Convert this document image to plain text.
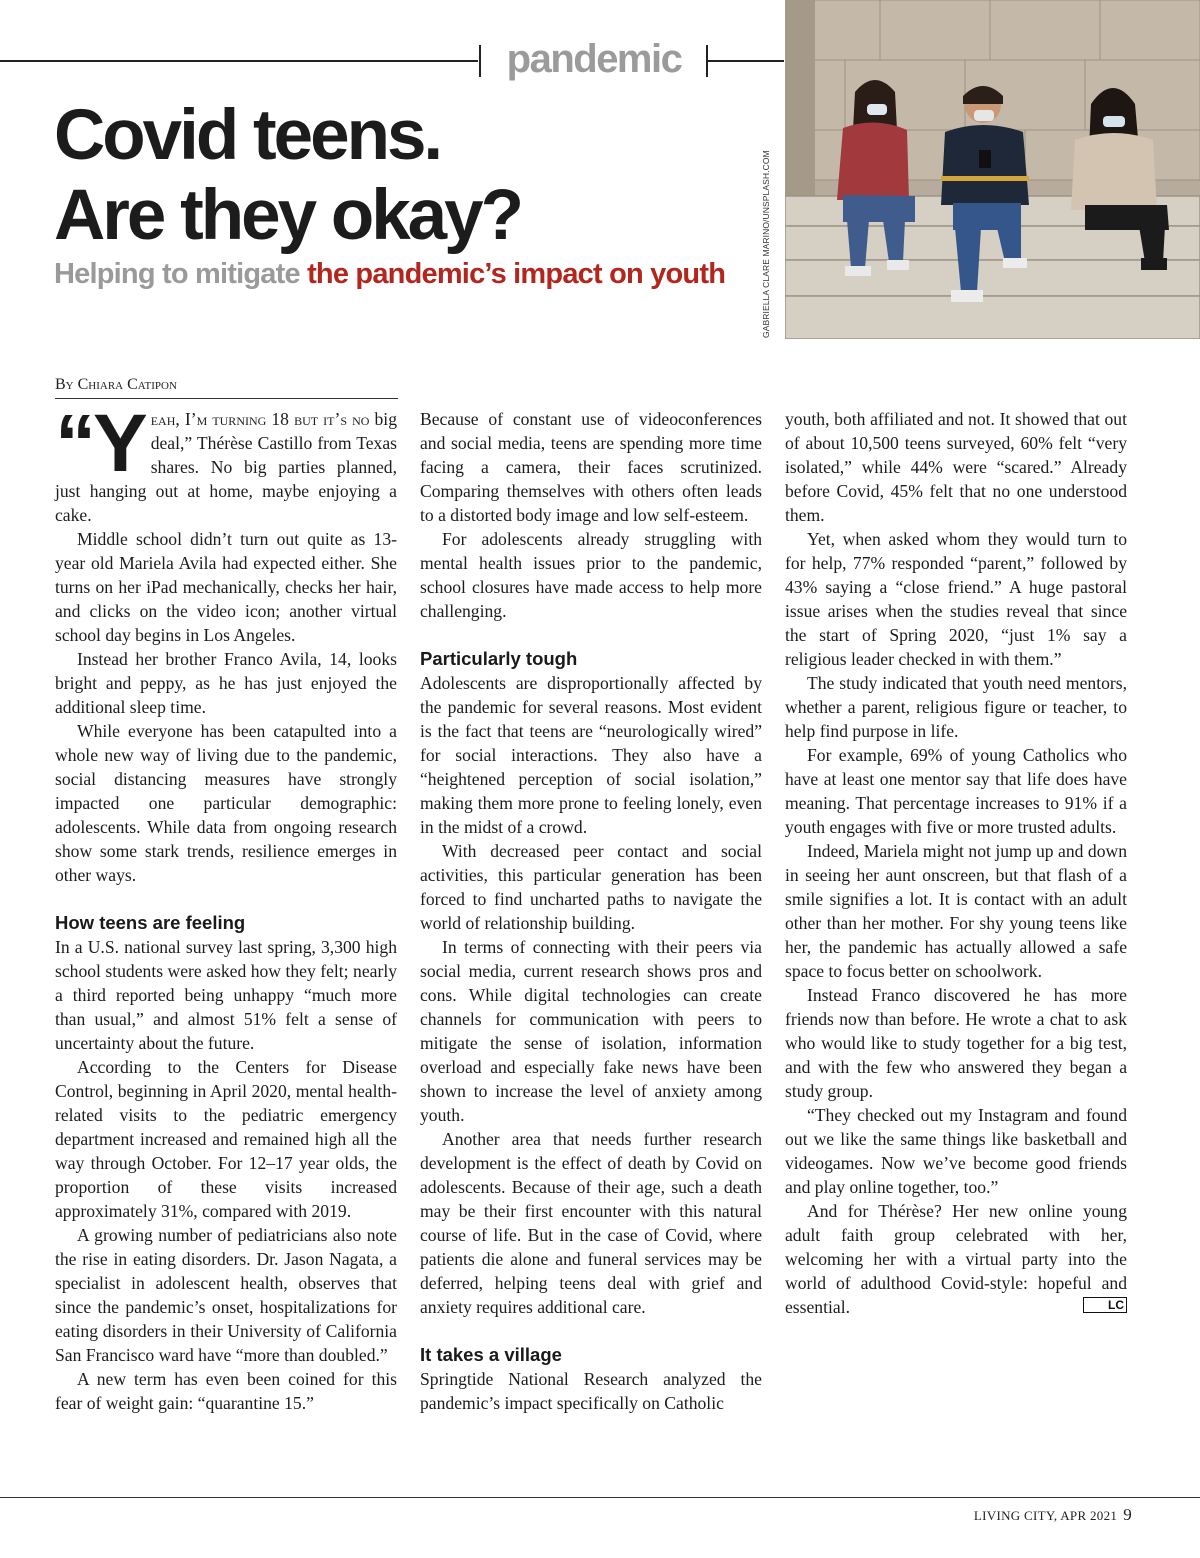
pandemic
Covid teens.
Are they okay?
Helping to mitigate the pandemic’s impact on youth	GABRIELLA CLARE MARINO/UNSPLASH.COM
By Chiara Catipon

“Yeah, I’m turning 18 but it’s no big deal,” Thérèse Castillo from Texas shares. No big parties planned, just hanging out at home, maybe enjoying a cake.

Middle school didn’t turn out quite as 13-year old Mariela Avila had expected either. She turns on her iPad mechanically, checks her hair, and clicks on the video icon; another virtual school day begins in Los Angeles.

Instead her brother Franco Avila, 14, looks bright and peppy, as he has just enjoyed the additional sleep time.

While everyone has been catapulted into a whole new way of living due to the pandemic, social distancing measures have strongly impacted one particular demographic: adolescents. While data from ongoing research show some stark trends, resilience emerges in other ways.

How teens are feeling

In a U.S. national survey last spring, 3,300 high school students were asked how they felt; nearly a third reported being unhappy “much more than usual,” and almost 51% felt a sense of uncertainty about the future.

According to the Centers for Disease Control, beginning in April 2020, mental health-related visits to the pediatric emergency department increased and remained high all the way through October. For 12–17 year olds, the proportion of these visits increased approximately 31%, compared with 2019.

A growing number of pediatricians also note the rise in eating disorders. Dr. Jason Nagata, a specialist in adolescent health, observes that since the pandemic’s onset, hospitalizations for eating disorders in their University of California San Francisco ward have “more than doubled.”

A new term has even been coined for this fear of weight gain: “quarantine 15.”

Because of constant use of videoconferences and social media, teens are spending more time facing a camera, their faces scrutinized. Comparing themselves with others often leads to a distorted body image and low self-esteem.

For adolescents already struggling with mental health issues prior to the pandemic, school closures have made access to help more challenging.

Particularly tough

Adolescents are disproportionally affected by the pandemic for several reasons. Most evident is the fact that teens are “neurologically wired” for social interactions. They also have a “heightened perception of social isolation,” making them more prone to feeling lonely, even in the midst of a crowd.

With decreased peer contact and social activities, this particular generation has been forced to find uncharted paths to navigate the world of relationship building.

In terms of connecting with their peers via social media, current research shows pros and cons. While digital technologies can create channels for communication with peers to mitigate the sense of isolation, information overload and especially fake news have been shown to increase the level of anxiety among youth.

Another area that needs further research development is the effect of death by Covid on adolescents. Because of their age, such a death may be their first encounter with this natural course of life. But in the case of Covid, where patients die alone and funeral services may be deferred, helping teens deal with grief and anxiety requires additional care.

It takes a village

Springtide National Research analyzed the pandemic’s impact specifically on Catholic

youth, both affiliated and not. It showed that out of about 10,500 teens surveyed, 60% felt “very isolated,” while 44% were “scared.” Already before Covid, 45% felt that no one understood them.

Yet, when asked whom they would turn to for help, 77% responded “parent,” followed by 43% saying a “close friend.” A huge pastoral issue arises when the studies reveal that since the start of Spring 2020, “just 1% say a religious leader checked in with them.”

The study indicated that youth need mentors, whether a parent, religious figure or teacher, to help find purpose in life.

For example, 69% of young Catholics who have at least one mentor say that life does have meaning. That percentage increases to 91% if a youth engages with five or more trusted adults.

Indeed, Mariela might not jump up and down in seeing her aunt onscreen, but that flash of a smile signifies a lot. It is contact with an adult other than her mother. For shy young teens like her, the pandemic has actually allowed a safe space to focus better on schoolwork.

Instead Franco discovered he has more friends now than before. He wrote a chat to ask who would like to study together for a big test, and with the few who answered they began a study group.

“They checked out my Instagram and found out we like the same things like basketball and videogames. Now we’ve become good friends and play online together, too.”

And for Thérèse? Her new online young adult faith group celebrated with her, welcoming her with a virtual party into the world of adulthood Covid-style: hopeful and essential.	LC

LIVING CITY, APR 2021 9
